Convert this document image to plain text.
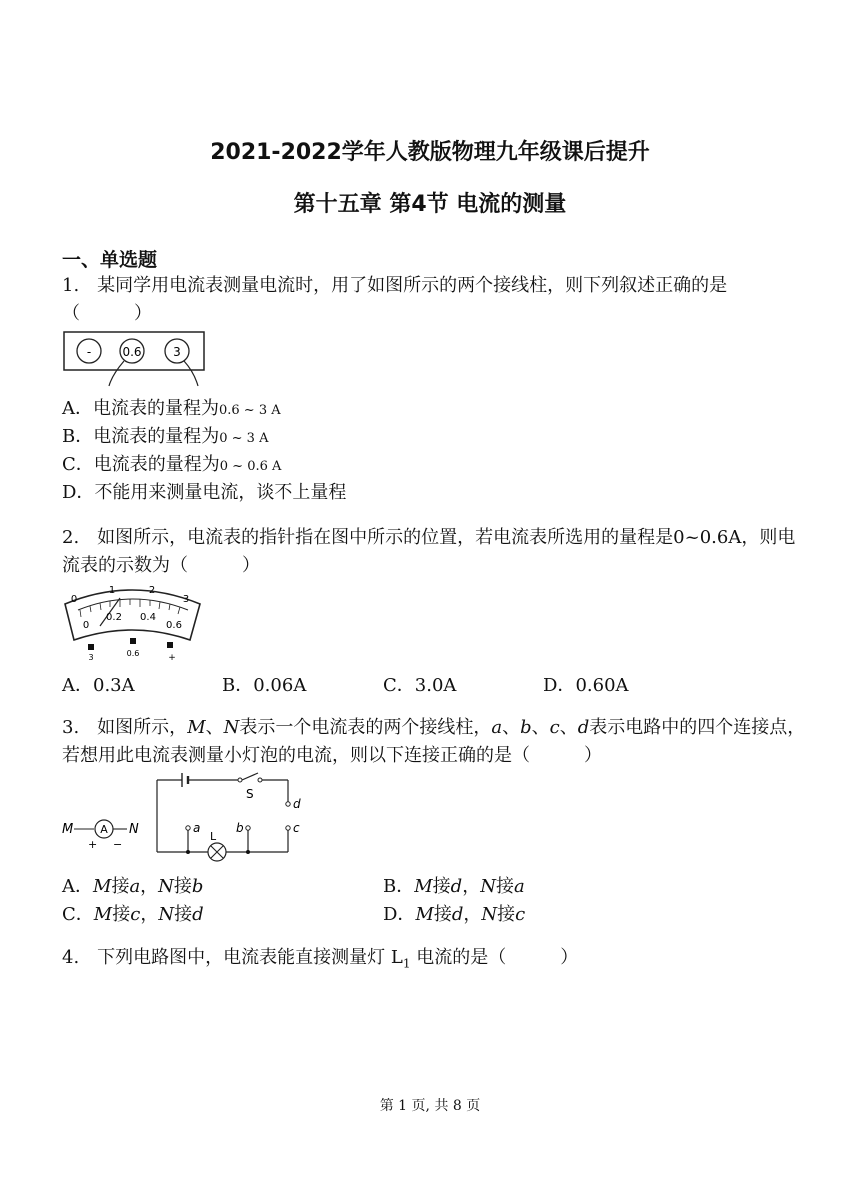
2021-2022学年人教版物理九年级课后提升
第十五章 第4节 电流的测量
一、单选题
1.　某同学用电流表测量电流时，用了如图所示的两个接线柱，则下列叙述正确的是（　　　）
-	0.6	3
A．电流表的量程为0.6 ~ 3 A
B．电流表的量程为0 ~ 3 A
C．电流表的量程为0 ~ 0.6 A
D．不能用来测量电流，谈不上量程
2.　如图所示，电流表的指针指在图中所示的位置，若电流表所选用的量程是0~0.6A，则电流表的示数为（　　　）
0
1	2
3
0
0.2 0.4
0.6
3	0.6	+
A．0.3A	B．0.06A	C．3.0A	D．0.60A
3.　如图所示，M、N表示一个电流表的两个接线柱，a、b、c、d表示电路中的四个连接点，若想用此电流表测量小灯泡的电流，则以下连接正确的是（　　　）
M A N
+ −
S
d
a	b	c
L
A．M接a，N接b	B．M接d，N接a
C．M接c，N接d	D．M接d，N接c
4.　下列电路图中，电流表能直接测量灯 $L_1$ 电流的是（　　　）
第 1 页, 共 8 页
